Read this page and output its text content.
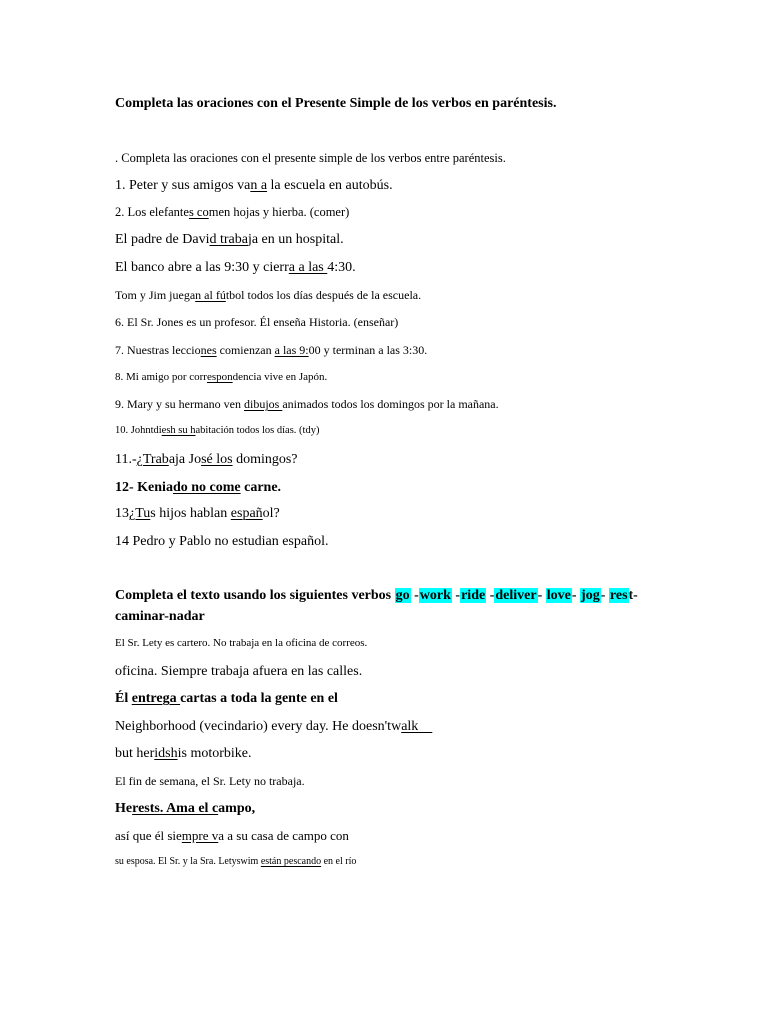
Completa las oraciones con el Presente Simple de los verbos en paréntesis.
. Completa las oraciones con el presente simple de los verbos entre paréntesis.
1. Peter y sus amigos van a la escuela en autobús.
2. Los elefantes comen hojas y hierba. (comer)
El padre de David trabaja en un hospital.
El banco abre a las 9:30 y cierra a las 4:30.
Tom y Jim juegan al fútbol todos los días después de la escuela.
6. El Sr. Jones es un profesor. Él enseña Historia. (enseñar)
7. Nuestras lecciones comienzan a las 9:00 y terminan a las 3:30.
8. Mi amigo por correspondencia vive en Japón.
9. Mary y su hermano ven dibujos animados todos los domingos por la mañana.
10. Johntdiesh su habitación todos los días. (tdy)
11.-¿Trabaja José los domingos?
12- Keniado no come carne.
13¿Tus hijos hablan español?
14 Pedro y Pablo no estudian español.
Completa el texto usando los siguientes verbos go -work -ride -deliver- love- jog- rest-
caminar-nadar
El Sr. Lety es cartero. No trabaja en la oficina de correos.
oficina. Siempre trabaja afuera en las calles.
Él entrega cartas a toda la gente en el
Neighborhood (vecindario) every day. He doesn'twalk
but heridshis motorbike.
El fin de semana, el Sr. Lety no trabaja.
Herests. Ama el campo,
así que él siempre va a su casa de campo con
su esposa. El Sr. y la Sra. Letyswim están pescando en el río
